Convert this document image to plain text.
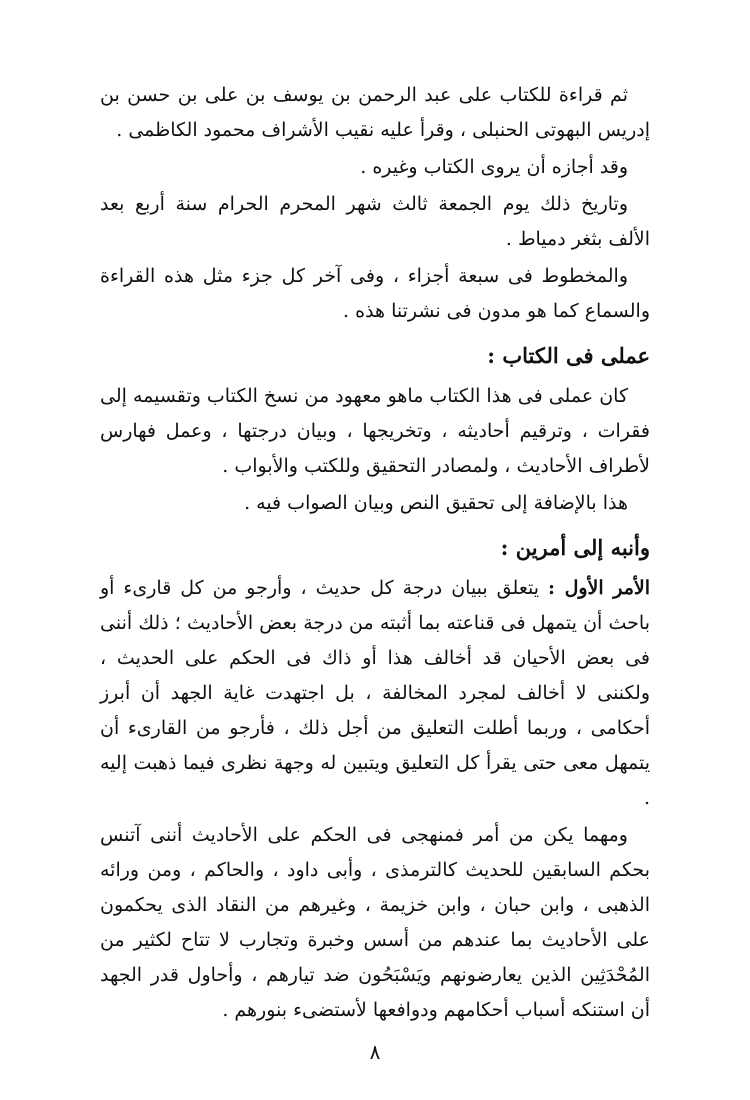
ثم قراءة للكتاب على عبد الرحمن بن يوسف بن على بن حسن بن إدريس البهوتى الحنبلى ، وقرأ عليه نقيب الأشراف محمود الكاظمى .

وقد أجازه أن يروى الكتاب وغيره .

وتاريخ ذلك يوم الجمعة ثالث شهر المحرم الحرام سنة أربع بعد الألف بثغر دمياط .

والمخطوط فى سبعة أجزاء ، وفى آخر كل جزء مثل هذه القراءة والسماع كما هو مدون فى نشرتنا هذه .

عملى فى الكتاب :

كان عملى فى هذا الكتاب ماهو معهود من نسخ الكتاب وتقسيمه إلى فقرات ، وترقيم أحاديثه ، وتخريجها ، وبيان درجتها ، وعمل فهارس لأطراف الأحاديث ، ولمصادر التحقيق وللكتب والأبواب .

هذا بالإضافة إلى تحقيق النص وبيان الصواب فيه .

وأنبه إلى أمرين :

الأمر الأول : يتعلق ببيان درجة كل حديث ، وأرجو من كل قارىء أو باحث أن يتمهل فى قناعته بما أثبته من درجة بعض الأحاديث ؛ ذلك أننى فى بعض الأحيان قد أخالف هذا أو ذاك فى الحكم على الحديث ، ولكننى لا أخالف لمجرد المخالفة ، بل اجتهدت غاية الجهد أن أبرز أحكامى ، وربما أطلت التعليق من أجل ذلك ، فأرجو من القارىء أن يتمهل معى حتى يقرأ كل التعليق ويتبين له وجهة نظرى فيما ذهبت إليه .

ومهما يكن من أمر فمنهجى فى الحكم على الأحاديث أننى آتنس بحكم السابقين للحديث كالترمذى ، وأبى داود ، والحاكم ، ومن ورائه الذهبى ، وابن حبان ، وابن خزيمة ، وغيرهم من النقاد الذى يحكمون على الأحاديث بما عندهم من أسس وخبرة وتجارب لا تتاح لكثير من المُحْدَثِين الذين يعارضونهم ويَسْبَحُون ضد تيارهم ، وأحاول قدر الجهد أن استنكه أسباب أحكامهم ودوافعها لأستضىء بنورهم .

٨
